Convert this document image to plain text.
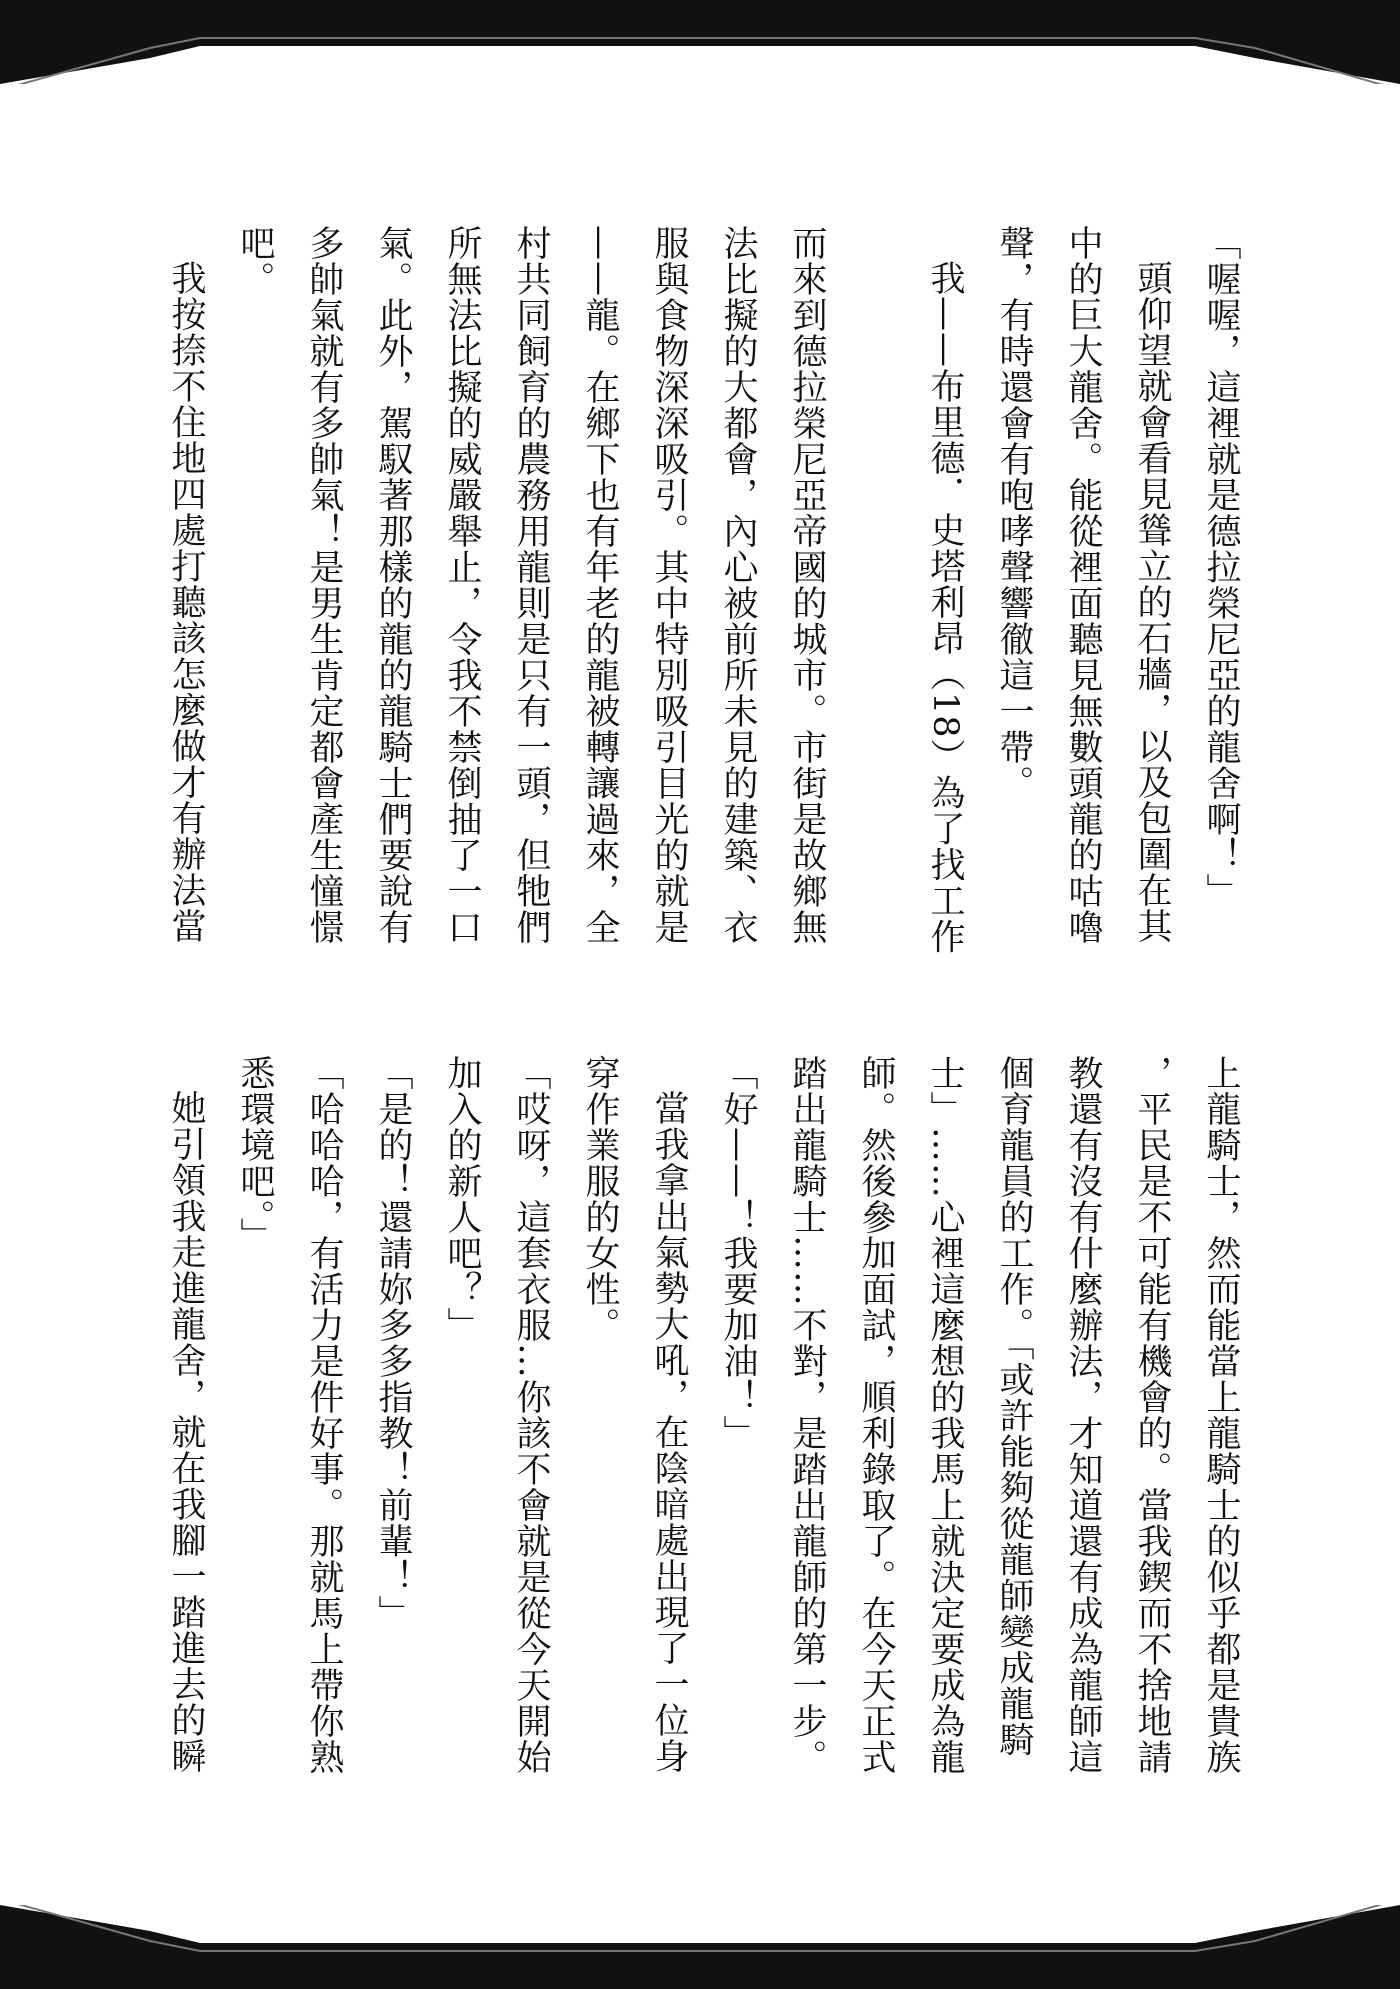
「喔喔，這裡就是德拉榮尼亞的龍舍啊！」
頭仰望就會看見聳立的石牆，以及包圍在其
中的巨大龍舍。能從裡面聽見無數頭龍的咕嚕
聲，有時還會有咆哮聲響徹這一帶。
我——布里德．史塔利昂（18）為了找工作
而來到德拉榮尼亞帝國的城市。市街是故鄉無
法比擬的大都會，內心被前所未見的建築、衣
服與食物深深吸引。其中特別吸引目光的就是
——龍。在鄉下也有年老的龍被轉讓過來，全
村共同飼育的農務用龍則是只有一頭，但牠們
所無法比擬的威嚴舉止，令我不禁倒抽了一口
氣。此外，駕馭著那樣的龍的龍騎士們要說有
多帥氣就有多帥氣！是男生肯定都會產生憧憬
吧。
我按捺不住地四處打聽該怎麼做才有辦法當
上龍騎士，然而能當上龍騎士的似乎都是貴族
，平民是不可能有機會的。當我鍥而不捨地請
教還有沒有什麼辦法，才知道還有成為龍師這
個育龍員的工作。「或許能夠從龍師變成龍騎
士」……心裡這麼想的我馬上就決定要成為龍
師。然後參加面試，順利錄取了。在今天正式
踏出龍騎士……不對，是踏出龍師的第一步。
「好——！我要加油！」
當我拿出氣勢大吼，在陰暗處出現了一位身
穿作業服的女性。
「哎呀，這套衣服…你該不會就是從今天開始
加入的新人吧？」
「是的！還請妳多多指教！前輩！」
「哈哈哈，有活力是件好事。那就馬上帶你熟
悉環境吧。」
她引領我走進龍舍，就在我腳一踏進去的瞬
